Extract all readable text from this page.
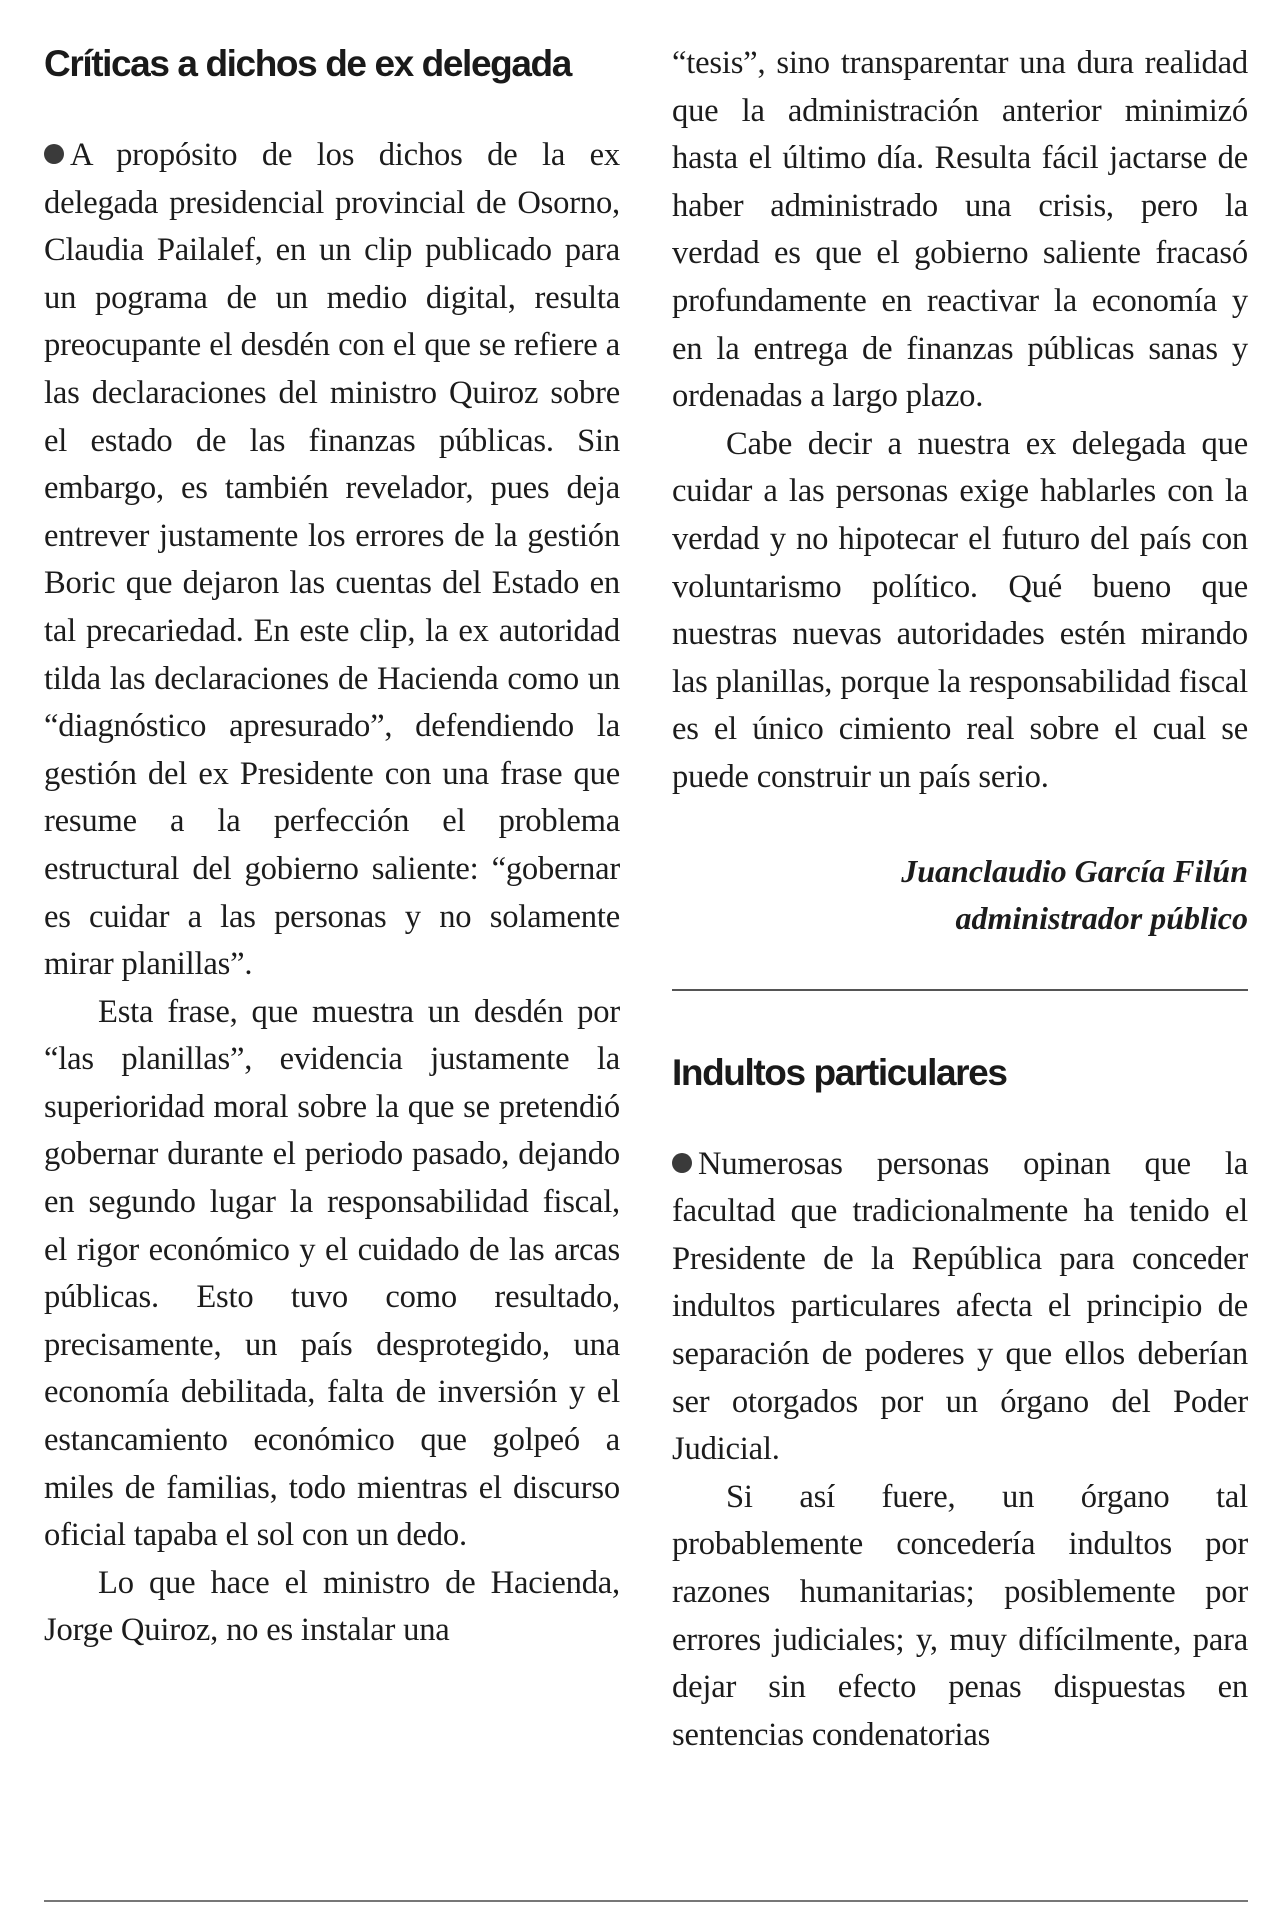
Críticas a dichos de ex delegada

A propósito de los dichos de la ex delegada presidencial provincial de Osorno, Claudia Pailalef, en un clip publicado para un pograma de un medio digital, resulta preocupante el desdén con el que se refiere a las declaraciones del ministro Quiroz sobre el estado de las finanzas públicas. Sin embargo, es también revelador, pues deja entrever justamente los errores de la gestión Boric que dejaron las cuentas del Estado en tal precariedad. En este clip, la ex autoridad tilda las declaraciones de Hacienda como un “diagnóstico apresurado”, defendiendo la gestión del ex Presidente con una frase que resume a la perfección el problema estructural del gobierno saliente: “gobernar es cuidar a las personas y no solamente mirar planillas”.

Esta frase, que muestra un desdén por “las planillas”, evidencia justamente la superioridad moral sobre la que se pretendió gobernar durante el periodo pasado, dejando en segundo lugar la responsabilidad fiscal, el rigor económico y el cuidado de las arcas públicas. Esto tuvo como resultado, precisamente, un país desprotegido, una economía debilitada, falta de inversión y el estancamiento económico que golpeó a miles de familias, todo mientras el discurso oficial tapaba el sol con un dedo.

Lo que hace el ministro de Hacienda, Jorge Quiroz, no es instalar una

“tesis”, sino transparentar una dura realidad que la administración anterior minimizó hasta el último día. Resulta fácil jactarse de haber administrado una crisis, pero la verdad es que el gobierno saliente fracasó profundamente en reactivar la economía y en la entrega de finanzas públicas sanas y ordenadas a largo plazo.

Cabe decir a nuestra ex delegada que cuidar a las personas exige hablarles con la verdad y no hipotecar el futuro del país con voluntarismo político. Qué bueno que nuestras nuevas autoridades estén mirando las planillas, porque la responsabilidad fiscal es el único cimiento real sobre el cual se puede construir un país serio.

Juanclaudio García Filún
administrador público
Indultos particulares

Numerosas personas opinan que la facultad que tradicionalmente ha tenido el Presidente de la República para conceder indultos particulares afecta el principio de separación de poderes y que ellos deberían ser otorgados por un órgano del Poder Judicial.

Si así fuere, un órgano tal probablemente concedería indultos por razones humanitarias; posiblemente por errores judiciales; y, muy difícilmente, para dejar sin efecto penas dispuestas en sentencias condenatorias
